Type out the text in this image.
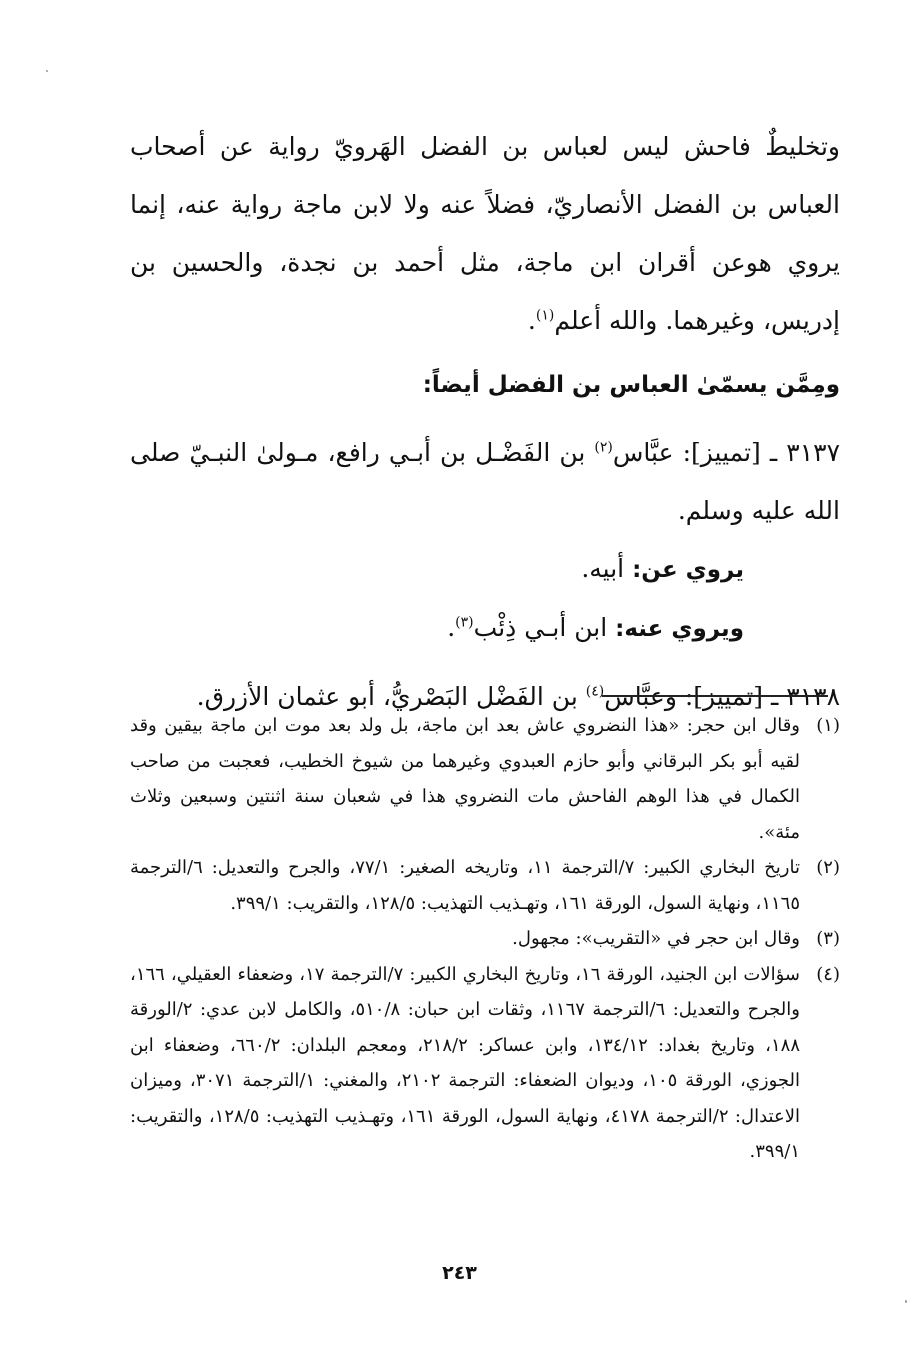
وتخليطٌ فاحش ليس لعباس بن الفضل الهَرويّ رواية عن أصحاب العباس بن الفضل الأنصاريّ، فضلاً عنه ولا لابن ماجة رواية عنه، إنما يروي هوعن أقران ابن ماجة، مثل أحمد بن نجدة، والحسين بن إدريس، وغيرهما. والله أعلم$^{(١)}$.

ومِمَّن يسمّىٰ العباس بن الفضل أيضاً:

٣١٣٧ ـ [تمييز]: عبَّاس$^{(٢)}$ بن الفَضْـل بن أبـي رافع، مـولىٰ النبـيّ صلى الله عليه وسلم.

يروي عن: أبيه.

ويروي عنه: ابن أبـي ذِئْب$^{(٣)}$.

٣١٣٨ ـ [تمييز]: وعبَّاس$^{(٤)}$ بن الفَضْل البَصْريُّ، أبو عثمان الأزرق.

(١)
وقال ابن حجر: «هذا النضروي عاش بعد ابن ماجة، بل ولد بعد موت ابن ماجة بيقين وقد لقيه أبو بكر البرقاني وأبو حازم العبدوي وغيرهما من شيوخ الخطيب، فعجبت من صاحب الكمال في هذا الوهم الفاحش مات النضروي هذا في شعبان سنة اثنتين وسبعين وثلاث مئة».
(٢)
تاريخ البخاري الكبير: ٧/الترجمة ١١، وتاريخه الصغير: ٧٧/١، والجرح والتعديل: ٦/الترجمة ١١٦٥، ونهاية السول، الورقة ١٦١، وتهـذيب التهذيب: ١٢٨/٥، والتقريب: ٣٩٩/١.
(٣)
وقال ابن حجر في «التقريب»: مجهول.
(٤)
سؤالات ابن الجنيد، الورقة ١٦، وتاريخ البخاري الكبير: ٧/الترجمة ١٧، وضعفاء العقيلي، ١٦٦، والجرح والتعديل: ٦/الترجمة ١١٦٧، وثقات ابن حبان: ٥١٠/٨، والكامل لابن عدي: ٢/الورقة ١٨٨، وتاريخ بغداد: ١٣٤/١٢، وابن عساكر: ٢١٨/٢، ومعجم البلدان: ٦٦٠/٢، وضعفاء ابن الجوزي، الورقة ١٠٥، وديوان الضعفاء: الترجمة ٢١٠٢، والمغني: ١/الترجمة ٣٠٧١، وميزان الاعتدال: ٢/الترجمة ٤١٧٨، ونهاية السول، الورقة ١٦١، وتهـذيب التهذيب: ١٢٨/٥، والتقريب: ٣٩٩/١.
٢٤٣
